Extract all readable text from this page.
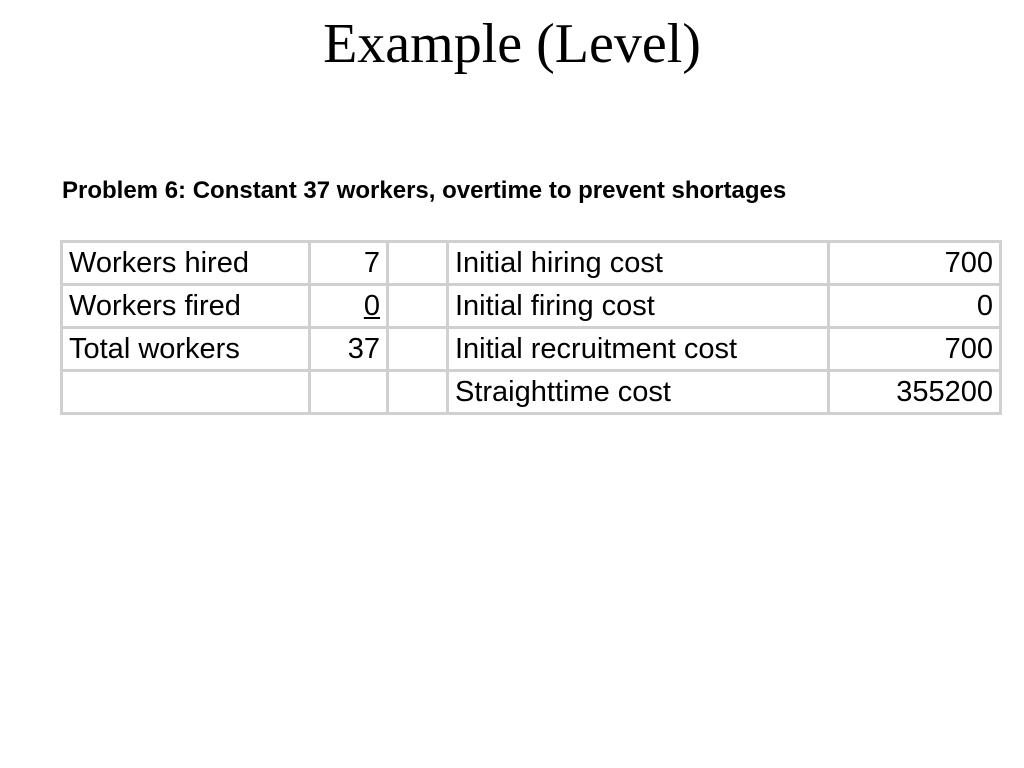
Example (Level)

Problem 6: Constant 37 workers, overtime to prevent shortages

Workers hired	7		Initial hiring cost	700
Workers fired	0		Initial firing cost	0
Total workers	37		Initial recruitment cost	700
			Straighttime cost	355200
